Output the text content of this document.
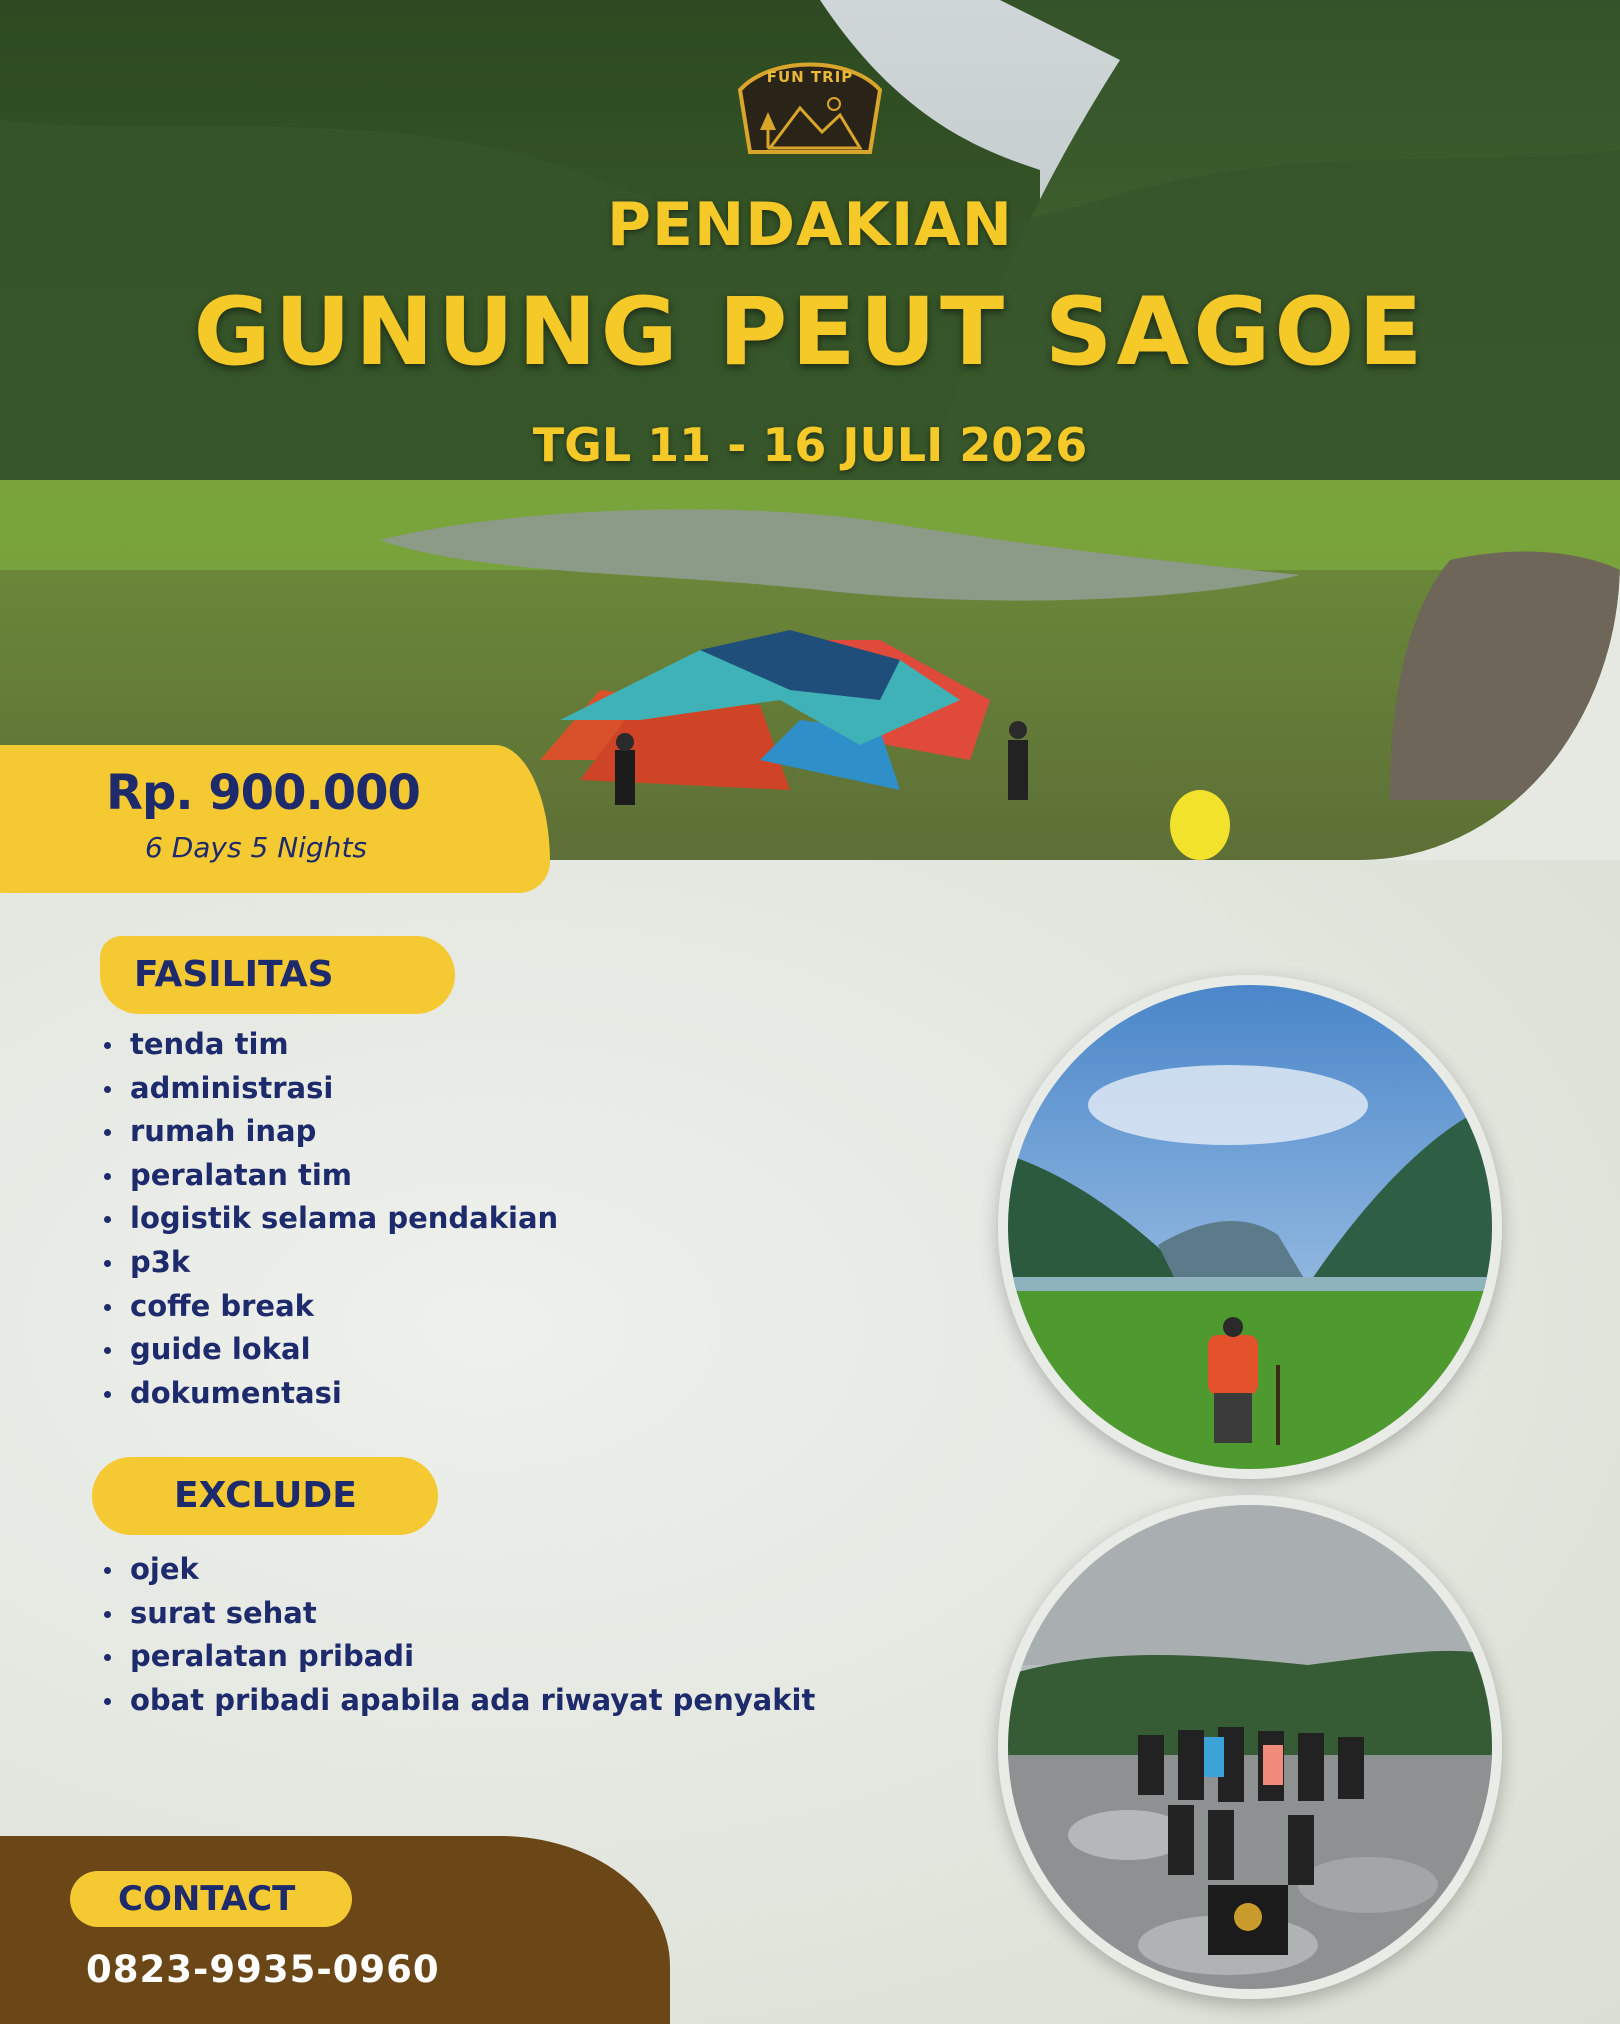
FUN TRIP
PENDAKIAN
GUNUNG PEUT SAGOE
TGL 11 - 16 JULI 2026
Rp. 900.000
6 Days 5 Nights
FASILITAS
tenda tim
administrasi
rumah inap
peralatan tim
logistik selama pendakian
p3k
coffe break
guide lokal
dokumentasi
EXCLUDE
ojek
surat sehat
peralatan pribadi
obat pribadi apabila ada riwayat penyakit
CONTACT
0823-9935-0960
